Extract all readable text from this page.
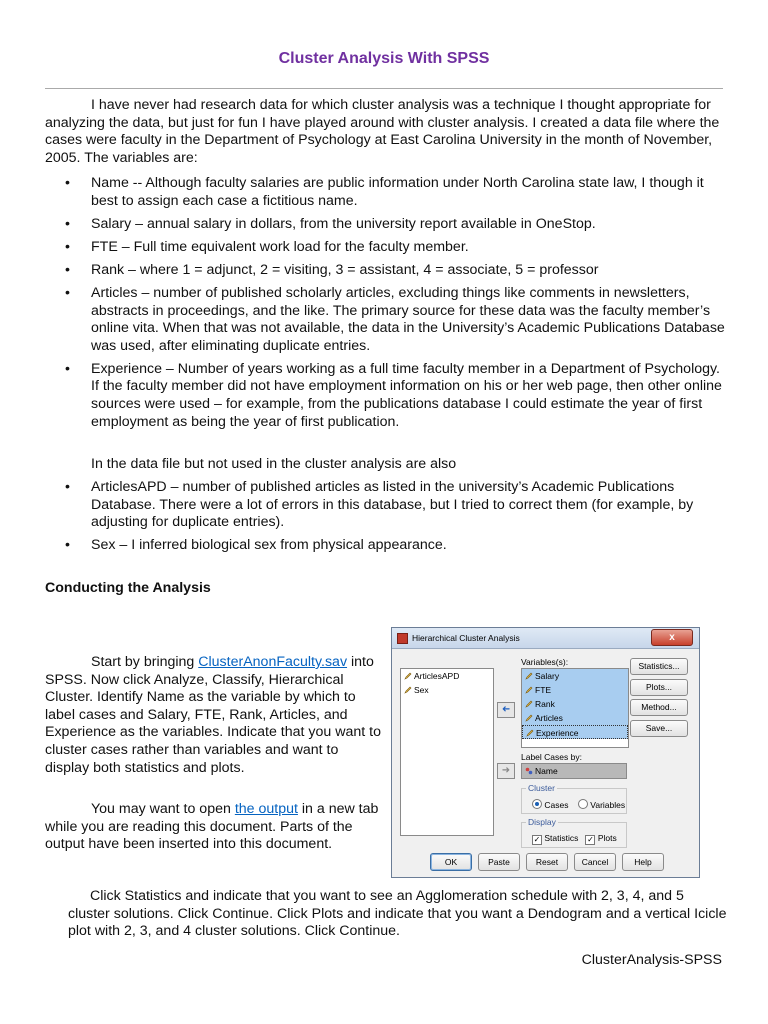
Cluster Analysis With SPSS
I have never had research data for which cluster analysis was a technique I thought appropriate for analyzing the data, but just for fun I have played around with cluster analysis. I created a data file where the cases were faculty in the Department of Psychology at East Carolina University in the month of November, 2005. The variables are:
• Name -- Although faculty salaries are public information under North Carolina state law, I though it best to assign each case a fictitious name.
• Salary – annual salary in dollars, from the university report available in OneStop.
• FTE – Full time equivalent work load for the faculty member.
• Rank – where 1 = adjunct, 2 = visiting, 3 = assistant, 4 = associate, 5 = professor
• Articles – number of published scholarly articles, excluding things like comments in newsletters, abstracts in proceedings, and the like. The primary source for these data was the faculty member’s online vita. When that was not available, the data in the University’s Academic Publications Database was used, after eliminating duplicate entries.
• Experience – Number of years working as a full time faculty member in a Department of Psychology. If the faculty member did not have employment information on his or her web page, then other online sources were used – for example, from the publications database I could estimate the year of first employment as being the year of first publication.
In the data file but not used in the cluster analysis are also
• ArticlesAPD – number of published articles as listed in the university’s Academic Publications Database. There were a lot of errors in this database, but I tried to correct them (for example, by adjusting for duplicate entries).
• Sex – I inferred biological sex from physical appearance.
Conducting the Analysis
Start by bringing ClusterAnonFaculty.sav into SPSS. Now click Analyze, Classify, Hierarchical Cluster. Identify Name as the variable by which to label cases and Salary, FTE, Rank, Articles, and Experience as the variables. Indicate that you want to cluster cases rather than variables and want to display both statistics and plots.
You may want to open the output in a new tab while you are reading this document. Parts of the output have been inserted into this document.
Hierarchical Cluster Analysis	x
ArticlesAPD
Sex
➜
➜
Variables(s):
Salary
FTE
Rank
Articles
Experience
Label Cases by:
Name
Cluster
Cases	Variables
Display
✓ Statistics ✓ Plots
Statistics...
Plots...
Method...
Save...
OK	Paste	Reset	Cancel	Help
Click Statistics and indicate that you want to see an Agglomeration schedule with 2, 3, 4, and 5 cluster solutions. Click Continue. Click Plots and indicate that you want a Dendogram and a vertical Icicle plot with 2, 3, and 4 cluster solutions. Click Continue.
ClusterAnalysis-SPSS
